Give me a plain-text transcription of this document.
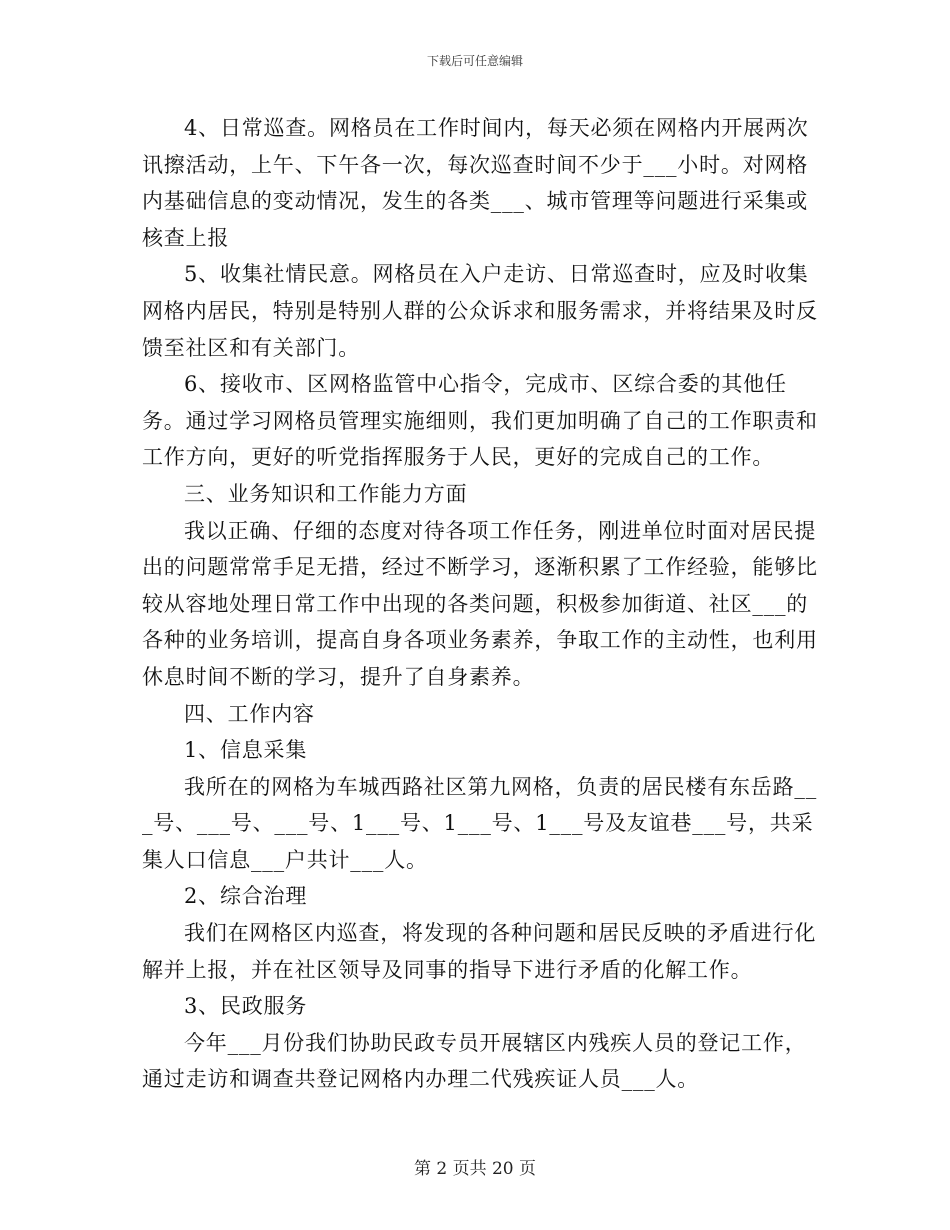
下载后可任意编辑

4、日常巡查。网格员在工作时间内，每天必须在网格内开展两次讯擦活动，上午、下午各一次，每次巡查时间不少于___小时。对网格内基础信息的变动情况，发生的各类___、城市管理等问题进行采集或核查上报

5、收集社情民意。网格员在入户走访、日常巡查时，应及时收集网格内居民，特别是特别人群的公众诉求和服务需求，并将结果及时反馈至社区和有关部门。

6、接收市、区网格监管中心指令，完成市、区综合委的其他任务。通过学习网格员管理实施细则，我们更加明确了自己的工作职责和工作方向，更好的听党指挥服务于人民，更好的完成自己的工作。

三、业务知识和工作能力方面

我以正确、仔细的态度对待各项工作任务，刚进单位时面对居民提出的问题常常手足无措，经过不断学习，逐渐积累了工作经验，能够比较从容地处理日常工作中出现的各类问题，积极参加街道、社区___的各种的业务培训，提高自身各项业务素养，争取工作的主动性，也利用休息时间不断的学习，提升了自身素养。

四、工作内容

1、信息采集

我所在的网格为车城西路社区第九网格，负责的居民楼有东岳路___号、___号、___号、1___号、1___号、1___号及友谊巷___号，共采集人口信息___户共计___人。

2、综合治理

我们在网格区内巡查，将发现的各种问题和居民反映的矛盾进行化解并上报，并在社区领导及同事的指导下进行矛盾的化解工作。

3、民政服务

今年___月份我们协助民政专员开展辖区内残疾人员的登记工作，通过走访和调查共登记网格内办理二代残疾证人员___人。

第 2 页共 20 页
